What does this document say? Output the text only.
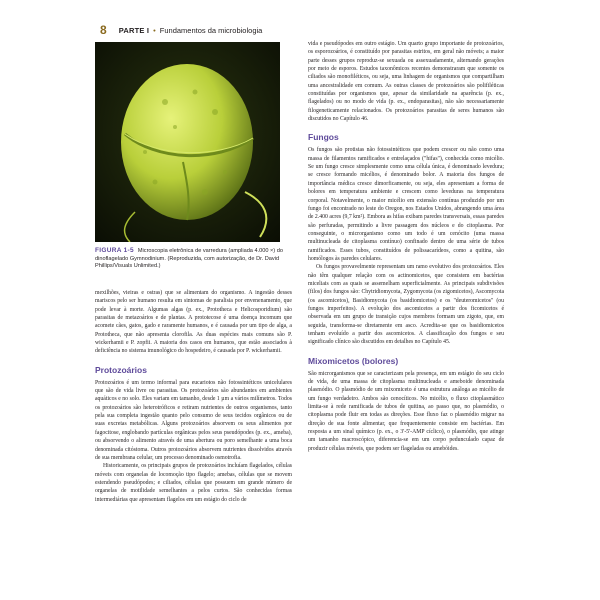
8 PARTE I • Fundamentos da microbiologia
FIGURA 1-5 Microscopia eletrônica de varredura (ampliada 4.000 ×) do dinoflagelado Gymnodinium. (Reproduzida, com autorização, de Dr. David Phillips/Visuals Unlimited.)

mexilhões, vieiras e ostras) que se alimentam do organismo. A ingestão desses mariscos pelo ser humano resulta em sintomas de paralisia por envenenamento, que pode levar à morte. Algumas algas (p. ex., Prototheca e Helicosporidium) são parasitas de metazoários e de plantas. A prototecose é uma doença incomum que acomete cães, gatos, gado e raramente humanos, e é causada por um tipo de alga, a Prototheca, que não apresenta clorofila. As duas espécies mais comuns são P. wickerhamii e P. zopfii. A maioria dos casos em humanos, que estão associados à deficiência no sistema imunológico do hospedeiro, é causada por P. wickerhamii.

Protozoários

Protozoários é um termo informal para eucariotos não fotossintéticos unicelulares que são de vida livre ou parasitas. Os protozoários são abundantes em ambientes aquáticos e no solo. Eles variam em tamanho, desde 1 µm a vários milímetros. Todos os protozoários são heterotróficos e retiram nutrientes de outros organismos, tanto pela sua completa ingestão quanto pelo consumo de seus tecidos orgânicos ou de suas excretas metabólicas. Alguns protozoários absorvem os seus alimentos por fagocitose, englobando partículas orgânicas pelos seus pseudópodes (p. ex., ameba), ou absorvendo o alimento através de uma abertura ou poro semelhante a uma boca denominada citóstoma. Outros protozoários absorvem nutrientes dissolvidos através de sua membrana celular, um processo denominado osmotrofia.

Historicamente, os principais grupos de protozoários incluíam flagelados, células móveis com organelas de locomoção tipo flagelo; amebas, células que se movem estendendo pseudópodes; e ciliados, células que possuem um grande número de organelas de motilidade semelhantes a pelos curtos. São conhecidas formas intermediárias que apresentam flagelos em um estágio do ciclo de

vida e pseudópodes em outro estágio. Um quarto grupo importante de protozoários, os esporozoários, é constituído por parasitas estritos, em geral não móveis; a maior parte desses grupos reproduz-se sexuada ou assexuadamente, alternando gerações por meio de esporos. Estudos taxonômicos recentes demonstraram que somente os ciliados são monofiléticos, ou seja, uma linhagem de organismos que compartilham uma ancestralidade em comum. As outras classes de protozoários são polifiléticas constituídas por organismos que, apesar da similaridade na aparência (p. ex., flagelados) ou no modo de vida (p. ex., endoparasitas), não são necessariamente filogeneticamente relacionados. Os protozoários parasitas de seres humanos são discutidos no Capítulo 46.

Fungos

Os fungos são protistas não fotossintéticos que podem crescer ou não como uma massa de filamentos ramificados e entrelaçados ("hifas"), conhecida como micélio. Se um fungo cresce simplesmente como uma célula única, é denominado levedura; se cresce formando micélios, é denominado bolor. A maioria dos fungos de importância médica cresce dimorficamente, ou seja, eles apresentam a forma de bolores em temperatura ambiente e crescem como leveduras na temperatura corporal. Notavelmente, o maior micélio em extensão contínua produzido por um fungo foi encontrado no leste do Oregon, nos Estados Unidos, abrangendo uma área de 2.400 acres (9,7 km²). Embora as hifas exibam paredes transversais, essas paredes são perfuradas, permitindo a livre passagem dos núcleos e do citoplasma. Por conseguinte, o microrganismo como um todo é um cenócito (uma massa multinucleada de citoplasma contínuo) confinado dentro de uma série de tubos ramificados. Esses tubos, constituídos de polissacarídeos, como a quitina, são homólogos às paredes celulares.

Os fungos provavelmente representam um ramo evolutivo dos protozoários. Eles não têm qualquer relação com os actinomicetos, que consistem em bactérias miceliais com as quais se assemelham superficialmente. As principais subdivisões (filos) dos fungos são: Chytridiomycota, Zygomycota (os zigomicetos), Ascomycota (os ascomicetos), Basidiomycota (os basidiomicetos) e os "deuteromicetos" (ou fungos imperfeitos). A evolução dos ascomicetos a partir dos ficomicetos é observada em um grupo de transição cujos membros formam um zigoto, que, em seguida, transforma-se diretamente em asco. Acredita-se que os basidiomicetos tenham evoluído a partir dos ascomicetos. A classificação dos fungos e seu significado clínico são discutidos em detalhes no Capítulo 45.

Mixomicetos (bolores)

São microrganismos que se caracterizam pela presença, em um estágio do seu ciclo de vida, de uma massa de citoplasma multinucleada e ameboide denominada plasmódio. O plasmódio de um mixomiceto é uma estrutura análoga ao micélio de um fungo verdadeiro. Ambos são cenocíticos. No micélio, o fluxo citoplasmático limita-se à rede ramificada de tubos de quitina, ao passo que, no plasmódio, o citoplasma pode fluir em todas as direções. Esse fluxo faz o plasmódio migrar na direção de sua fonte alimentar, que frequentemente consiste em bactérias. Em resposta a um sinal químico (p. ex., o 3'-5'-AMP cíclico), o plasmódio, que atinge um tamanho macroscópico, diferencia-se em um corpo pedunculado capaz de produzir células móveis, que podem ser flageladas ou amebóides.
